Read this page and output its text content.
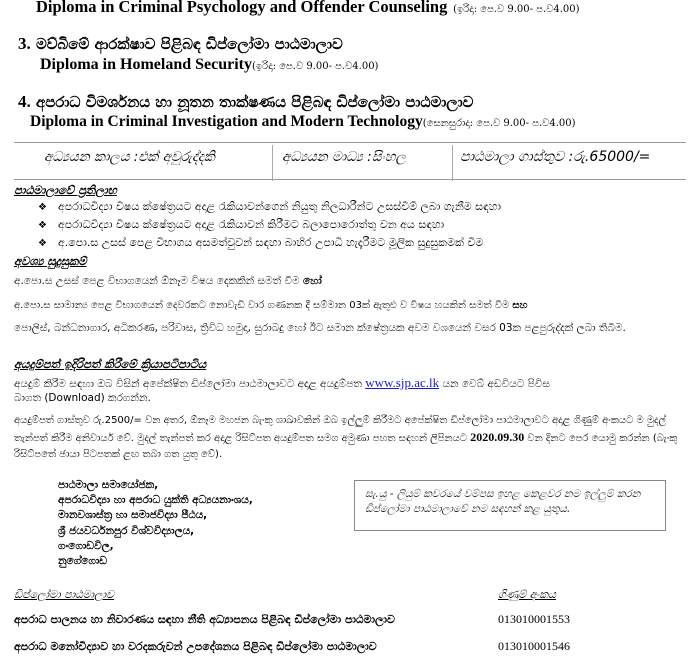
Diploma in Criminal Psychology and Offender Counseling (ඉරිදා: පෙ.ව 9.00- ප.ව4.00)
3. මව්බිමේ ආරක්ෂාව පිළිබඳ ඩිප්ලෝමා පාඨමාලාව
Diploma in Homeland Security(ඉරිදා: පෙ.ව 9.00- ප.ව4.00)
4. අපරාධ විමර්ශනය හා නූතන තාක්ෂණය පිළිබඳ ඩිප්ලෝමා පාඨමාලාව
Diploma in Criminal Investigation and Modern Technology(සෙනසුරාදා: පෙ.ව 9.00- ප.ව4.00)
අධ්‍යයන කාලය :එක් අවුරුද්දකි	අධ්‍යයන මාධ්‍ය :සිංහල	පාඨමාලා ගාස්තුව :රු.65000/=
පාඨමාලාවේ ප්‍රතිලාභ
❖ අපරාධවිද්‍යා විෂය ක්ෂේත්‍රයට අදාළ රැකියාවන්ගෙන් නියුතු නිලධාරීන්ට උසස්වීම් ලබා ගැනීම සඳහා
❖ අපරාධවිද්‍යා විෂය ක්ෂේත්‍රයට අදාළ රැකියාවන් කිරීමට බලාපොරොත්තු වන අය සඳහා
❖ අ.පො.ස උසස් පෙළ විභාගය අසමත්වුවන් සඳහා බාහිර උපාධි හැදෑරීමට මූලික සුදුසුකමක් වීම
අවශ්‍ය සුදුසුකම්
අ.පො.ස උසස් පෙළ විභාගයෙන් ඕනෑම විෂය දෙකකින් සමත් වීම හෝ
අ.පො.ස සාමාන්‍ය පෙළ විභාගයෙන් දෙවරකට නොවැඩි වාර ගණනක දී සම්මාන 03ක් ඇතුළු ව විෂය හයකින් සමත් වීම සහ
පොලිස්, බන්ධනාගාර, අධිකරණ, පරිවාස, ත්‍රිවිධ හමුදා, සුරාබදු හෝ ඊට සමාන ක්ෂේත්‍රයක අවම වශයෙන් වසර 03ක පළපුරුද්දක් ලබා තිබීම.
අයදුම්පත් ඉදිරිපත් කිරීමේ ක්‍රියාපටිපාටිය
අයදුම් කිරීම සඳහා ඔබ විසින් අපේක්ෂිත ඩිප්ලෝමා පාඨමාලාවට අදාළ අයදුම්පත www.sjp.ac.lk යන වෙබ් අඩවියට පිවිස
බාගත (Download) කරගන්න.
අයදුම්පත් ගාස්තුව රු.2500/= වන අතර, ඕනෑම මහජන බැංකු ශාඛාවකින් ඔබ ඉල්ලුම් කිරීමට අපේක්ෂිත ඩිප්ලෝමා පාඨමාලාවට අදාළ ගිණුම් අංකයට ම මුදල් තැන්පත් කිරීම අනිවාර්ය වේ. මුදල් තැන්පත් කර අදාළ රිසිට්පත අයදුම්පත සමග අමුණා පහත සඳහන් ලිපිනයට 2020.09.30 වන දිනට පෙර යොමු කරන්න (බැංකු රිසිට්පතේ ඡායා පිටපතක් ළඟ තබා ගත යුතු වේ).
පාඨමාලා සමායෝජක,
අපරාධවිද්‍යා හා අපරාධ යුක්ති අධ්‍යයනාංශය,
මානවශාස්ත්‍ර හා සමාජවිද්‍යා පීඨය,
ශ්‍රී ජයවර්ධනපුර විශ්වවිද්‍යාලය,
ගංගොඩවිල,
නුගේගොඩ
සැ.යු - ලියුම් කවරයේ වම්පස ඉහළ කෙළවර නම ඉල්ලුම් කරන ඩිප්ලෝමා පාඨමාලාවේ නම සඳහන් කළ යුතුය.
ඩිප්ලෝමා පාඨමාලාව	ගිණුම් අංකය
අපරාධ පාලනය හා නිවාරණය සඳහා නීති අධ්‍යාපනය පිළිබඳ ඩිප්ලෝමා පාඨමාලාව	013010001553
අපරාධ මනෝවිද්‍යාව හා වරදකරුවන් උපදේශනය පිළිබඳ ඩිප්ලෝමා පාඨමාලාව	013010001546
